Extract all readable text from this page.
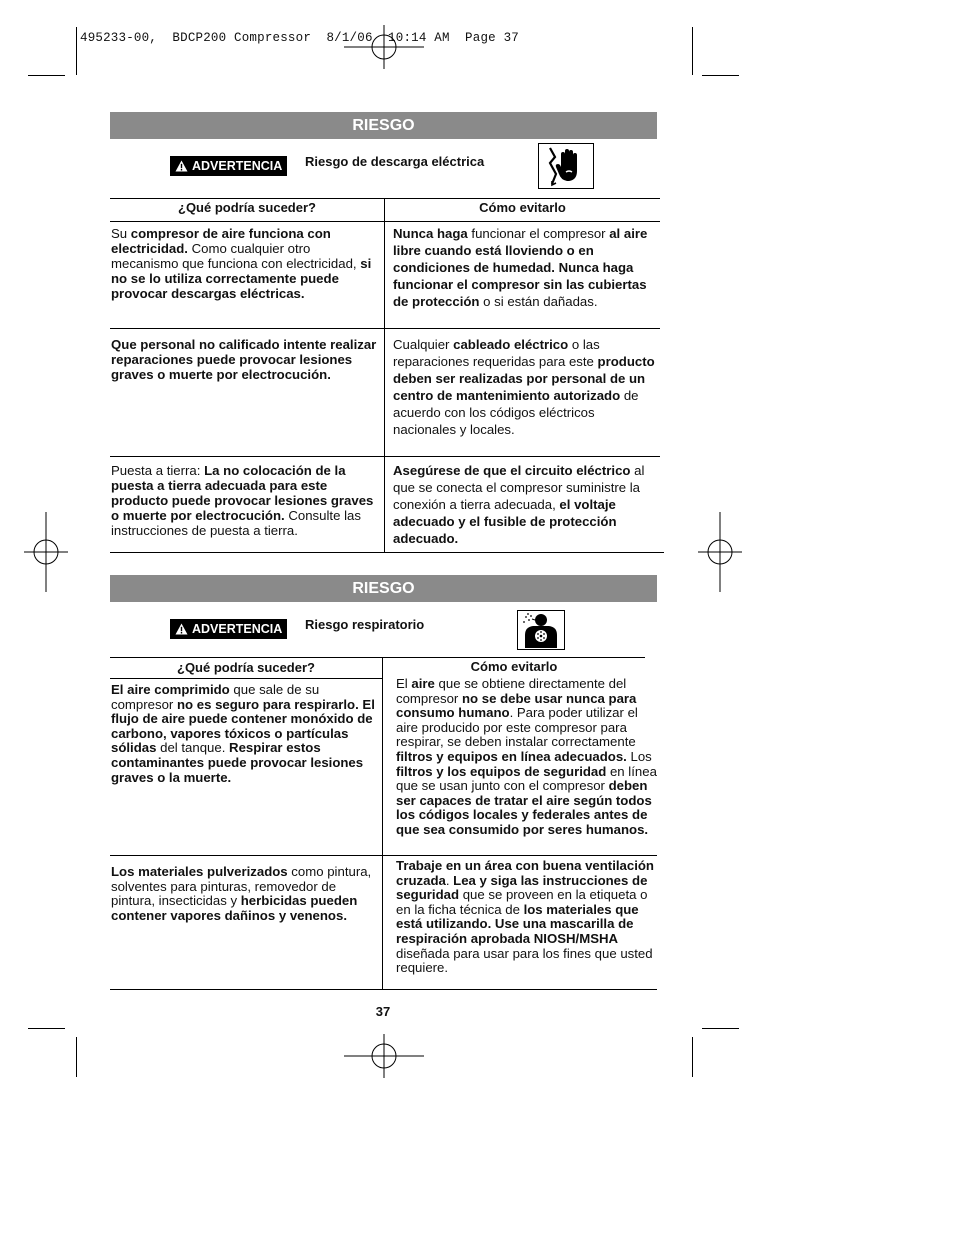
495233-00,  BDCP200 Compressor  8/1/06  10:14 AM  Page 37
RIESGO
ADVERTENCIA Riesgo de descarga eléctrica
¿Qué podría suceder?	Cómo evitarlo
Su compresor de aire funciona con electricidad. Como cualquier otro mecanismo que funciona con electricidad, si no se lo utiliza correctamente puede provocar descargas eléctricas.
Nunca haga funcionar el compresor al aire libre cuando está lloviendo o en condiciones de humedad. Nunca haga funcionar el compresor sin las cubiertas de protección o si están dañadas.
Que personal no calificado intente realizar reparaciones puede provocar lesiones graves o muerte por electrocución.
Cualquier cableado eléctrico o las reparaciones requeridas para este producto deben ser realizadas por personal de un centro de mantenimiento autorizado de acuerdo con los códigos eléctricos nacionales y locales.
Puesta a tierra: La no colocación de la puesta a tierra adecuada para este producto puede provocar lesiones graves o muerte por electrocución. Consulte las instrucciones de puesta a tierra.
Asegúrese de que el circuito eléctrico al que se conecta el compresor suministre la conexión a tierra adecuada, el voltaje adecuado y el fusible de protección adecuado.
RIESGO
ADVERTENCIA Riesgo respiratorio
¿Qué podría suceder?	Cómo evitarlo
El aire comprimido que sale de su compresor no es seguro para respirarlo. El flujo de aire puede contener monóxido de carbono, vapores tóxicos o partículas sólidas del tanque. Respirar estos contaminantes puede provocar lesiones graves o la muerte.
El aire que se obtiene directamente del compresor no se debe usar nunca para consumo humano. Para poder utilizar el aire producido por este compresor para respirar, se deben instalar correctamente filtros y equipos en línea adecuados. Los filtros y los equipos de seguridad en línea que se usan junto con el compresor deben ser capaces de tratar el aire según todos los códigos locales y federales antes de que sea consumido por seres humanos.
Los materiales pulverizados como pintura, solventes para pinturas, removedor de pintura, insecticidas y herbicidas pueden contener vapores dañinos y venenos.
Trabaje en un área con buena ventilación cruzada. Lea y siga las instrucciones de seguridad que se proveen en la etiqueta o en la ficha técnica de los materiales que está utilizando. Use una mascarilla de respiración aprobada NIOSH/MSHA diseñada para usar para los fines que usted requiere.
37
